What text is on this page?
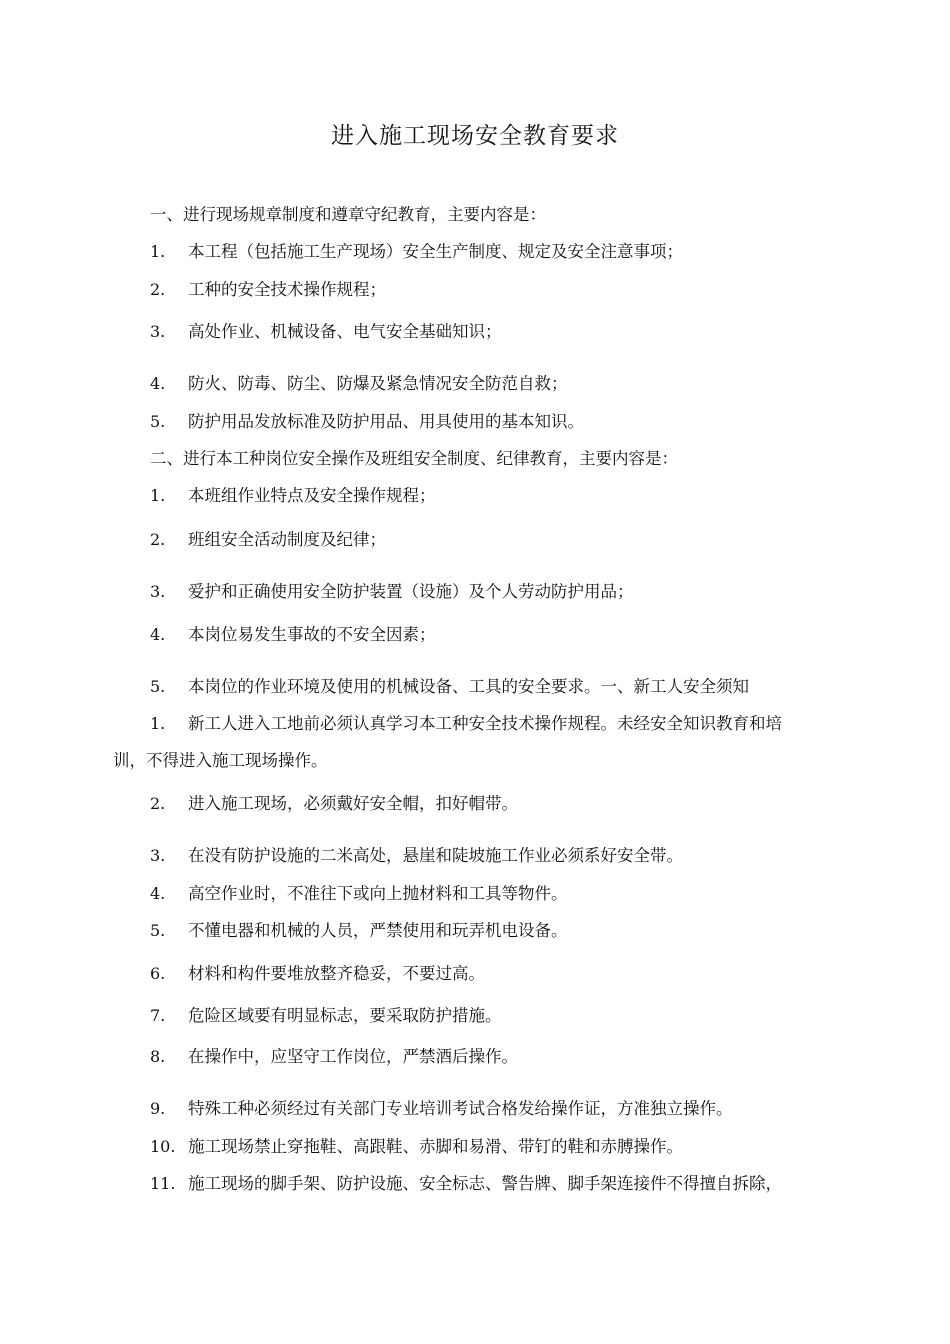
进入施工现场安全教育要求
一、进行现场规章制度和遵章守纪教育，主要内容是：
1. 本工程（包括施工生产现场）安全生产制度、规定及安全注意事项；
2. 工种的安全技术操作规程；
3. 高处作业、机械设备、电气安全基础知识；
4. 防火、防毒、防尘、防爆及紧急情况安全防范自救；
5. 防护用品发放标准及防护用品、用具使用的基本知识。
二、进行本工种岗位安全操作及班组安全制度、纪律教育，主要内容是：
1. 本班组作业特点及安全操作规程；
2. 班组安全活动制度及纪律；
3. 爱护和正确使用安全防护装置（设施）及个人劳动防护用品；
4. 本岗位易发生事故的不安全因素；
5. 本岗位的作业环境及使用的机械设备、工具的安全要求。一、新工人安全须知
1. 新工人进入工地前必须认真学习本工种安全技术操作规程。未经安全知识教育和培
训，不得进入施工现场操作。
2. 进入施工现场，必须戴好安全帽，扣好帽带。
3. 在没有防护设施的二米高处，悬崖和陡坡施工作业必须系好安全带。
4. 高空作业时，不准往下或向上抛材料和工具等物件。
5. 不懂电器和机械的人员，严禁使用和玩弄机电设备。
6. 材料和构件要堆放整齐稳妥，不要过高。
7. 危险区域要有明显标志，要采取防护措施。
8. 在操作中，应坚守工作岗位，严禁酒后操作。
9. 特殊工种必须经过有关部门专业培训考试合格发给操作证，方准独立操作。
10. 施工现场禁止穿拖鞋、高跟鞋、赤脚和易滑、带钉的鞋和赤膊操作。
11. 施工现场的脚手架、防护设施、安全标志、警告牌、脚手架连接件不得擅自拆除，
